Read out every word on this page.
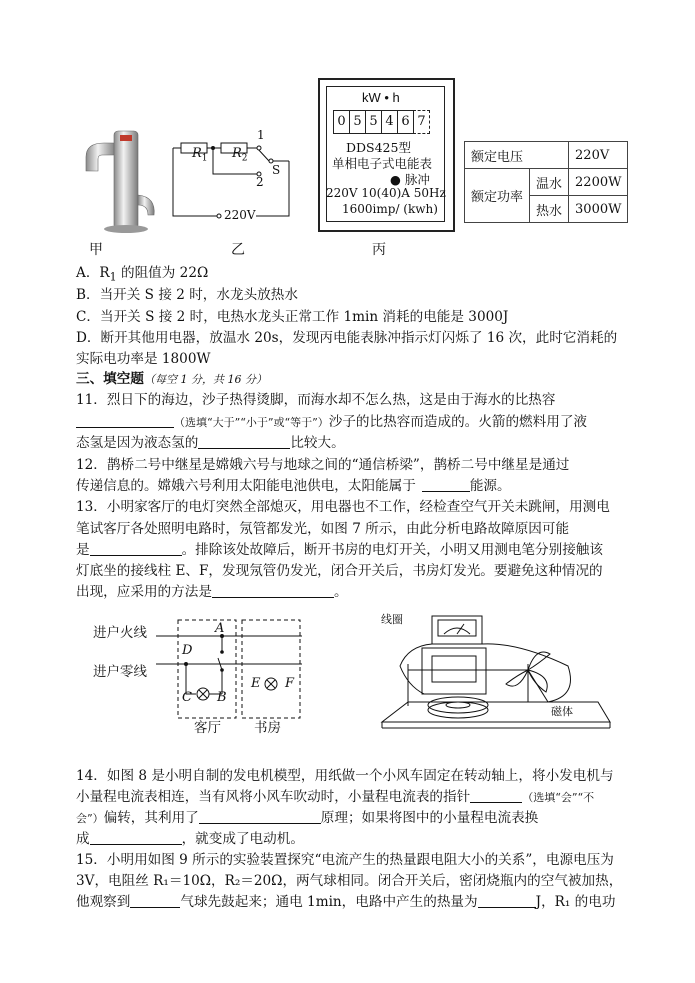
甲
$R_1$ $R_2$
1
2
S
220V
乙
kW • h
0 5 5 4 6 7
DDS425型
单相电子式电能表
● 脉冲
220V 10(40)A 50Hz
1600imp/ (kwh)
丙
额定电压		220V
额定功率	温水	2200W
	热水	3000W
A．$R_1$ 的阻值为 22Ω
B．当开关 S 接 2 时，水龙头放热水
C．当开关 S 接 2 时，电热水龙头正常工作 1min 消耗的电能是 3000J
D．断开其他用电器，放温水 20s，发现丙电能表脉冲指示灯闪烁了 16 次，此时它消耗的
实际电功率是 1800W
三、填空题（每空 1 分，共 16 分）
11．烈日下的海边，沙子热得烫脚，而海水却不怎么热，这是由于海水的比热容
（选填“大于”“小于”或“等于”）沙子的比热容而造成的。火箭的燃料用了液
态氢是因为液态氢的	比较大。
12．鹊桥二号中继星是嫦娥六号与地球之间的“通信桥梁”，鹊桥二号中继星是通过
传递信息的。嫦娥六号利用太阳能电池供电，太阳能属于	能源。
13．小明家客厅的电灯突然全部熄灭，用电器也不工作，经检查空气开关未跳闸，用测电
笔试客厅各处照明电路时，氖管都发光，如图 7 所示，由此分析电路故障原因可能
是	。排除该处故障后，断开书房的电灯开关，小明又用测电笔分别接触该
灯底坐的接线柱 E、F，发现氖管仍发光，闭合开关后，书房灯发光。要避免这种情况的
出现，应采用的方法是	。
进户火线
进户零线
A
D
C B
E F
客厅 书房
线圈
磁体
14．如图 8 是小明自制的发电机模型，用纸做一个小风车固定在转动轴上，将小发电机与
小量程电流表相连，当有风将小风车吹动时，小量程电流表的指针	（选填“会”“不
会”）偏转，其利用了	原理；如果将图中的小量程电流表换
成	，就变成了电动机。
15．小明用如图 9 所示的实验装置探究“电流产生的热量跟电阻大小的关系”，电源电压为
3V，电阻丝 R₁＝10Ω，R₂＝20Ω，两气球相同。闭合开关后，密闭烧瓶内的空气被加热，
他观察到	气球先鼓起来；通电 1min，电路中产生的热量为	J，R₁ 的电功
